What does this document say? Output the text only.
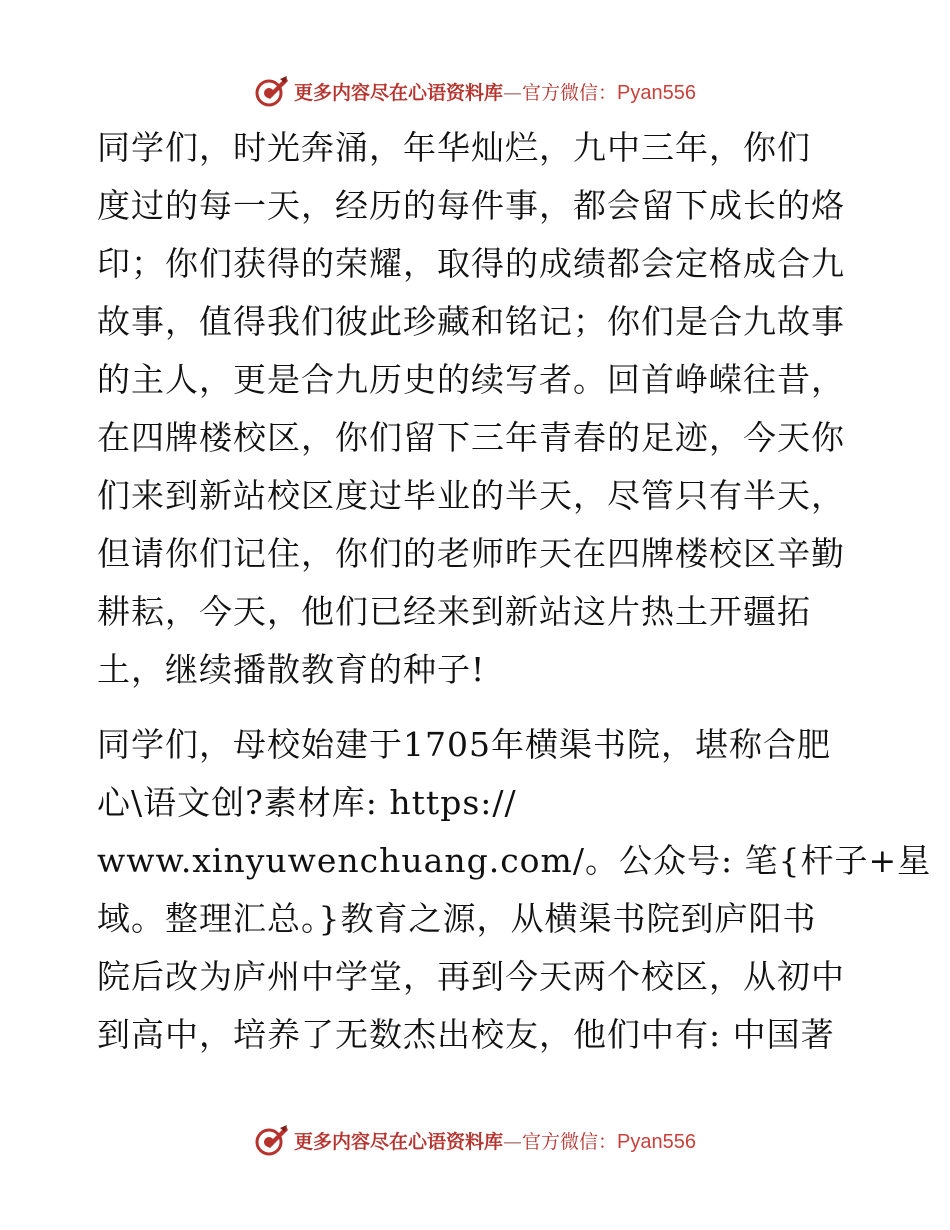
更多内容尽在心语资料库 — 官方微信： Pyan556
同学们，时光奔涌，年华灿烂，九中三年，你们
度过的每一天，经历的每件事，都会留下成长的烙
印；你们获得的荣耀，取得的成绩都会定格成合九
故事，值得我们彼此珍藏和铭记；你们是合九故事
的主人，更是合九历史的续写者。回首峥嵘往昔，
在四牌楼校区，你们留下三年青春的足迹，今天你
们来到新站校区度过毕业的半天，尽管只有半天，
但请你们记住，你们的老师昨天在四牌楼校区辛勤
耕耘，今天，他们已经来到新站这片热土开疆拓
土，继续播散教育的种子!
同学们，母校始建于1705年横渠书院，堪称合肥
心\语文创?素材库: https://
www.xinyuwenchuang.com/。公众号: 笔{杆子+星
域。整理汇总。}教育之源，从横渠书院到庐阳书
院后改为庐州中学堂，再到今天两个校区，从初中
到高中，培养了无数杰出校友，他们中有: 中国著
更多内容尽在心语资料库 — 官方微信： Pyan556
